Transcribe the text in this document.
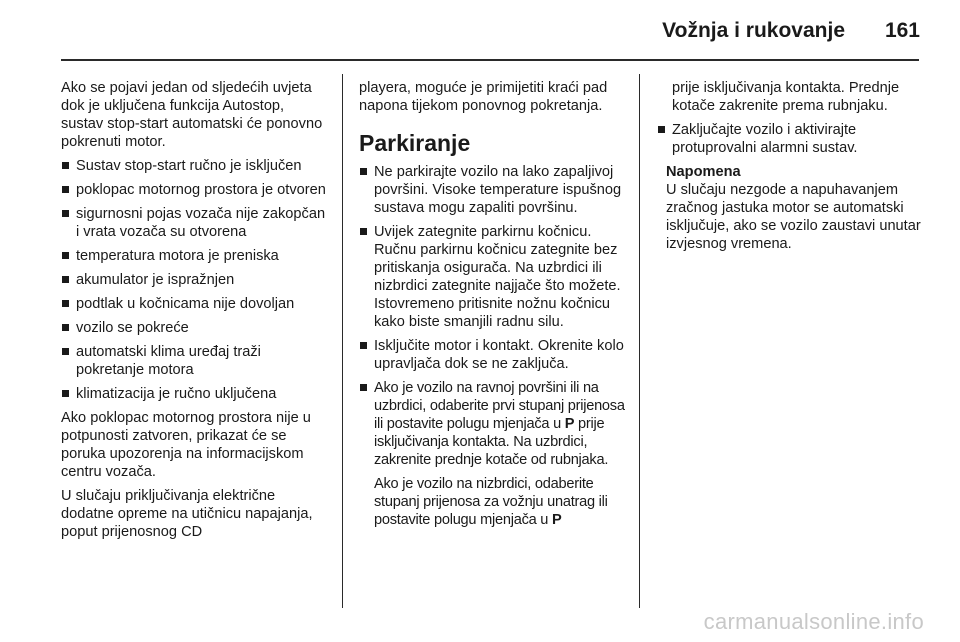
Vožnja i rukovanje 161

Ako se pojavi jedan od sljedećih uvjeta dok je uključena funkcija Autostop, sustav stop-start automatski će ponovno pokrenuti motor.

Sustav stop-start ručno je isključen
poklopac motornog prostora je otvoren
sigurnosni pojas vozača nije zakopčan i vrata vozača su otvorena
temperatura motora je preniska
akumulator je ispražnjen
podtlak u kočnicama nije dovoljan
vozilo se pokreće
automatski klima uređaj traži pokretanje motora
klimatizacija je ručno uključena

Ako poklopac motornog prostora nije u potpunosti zatvoren, prikazat će se poruka upozorenja na informacijskom centru vozača.

U slučaju priključivanja električne dodatne opreme na utičnicu napajanja, poput prijenosnog CD

playera, moguće je primijetiti kraći pad napona tijekom ponovnog pokretanja.

Parkiranje
Ne parkirajte vozilo na lako zapaljivoj površini. Visoke temperature ispušnog sustava mogu zapaliti površinu.
Uvijek zategnite parkirnu kočnicu. Ručnu parkirnu kočnicu zategnite bez pritiskanja osigurača. Na uzbrdici ili nizbrdici zategnite najjače što možete. Istovremeno pritisnite nožnu kočnicu kako biste smanjili radnu silu.
Isključite motor i kontakt. Okrenite kolo upravljača dok se ne zaključa.
Ako je vozilo na ravnoj površini ili na uzbrdici, odaberite prvi stupanj prijenosa ili postavite polugu mjenjača u P prije isključivanja kontakta. Na uzbrdici, zakrenite prednje kotače od rubnjaka.
Ako je vozilo na nizbrdici, odaberite stupanj prijenosa za vožnju unatrag ili postavite polugu mjenjača u P

prije isključivanja kontakta. Prednje kotače zakrenite prema rubnjaku.

Zaključajte vozilo i aktivirajte protuprovalni alarmni sustav.
Napomena
U slučaju nezgode a napuhavanjem zračnog jastuka motor se automatski isključuje, ako se vozilo zaustavi unutar izvjesnog vremena.
carmanualsonline.info
